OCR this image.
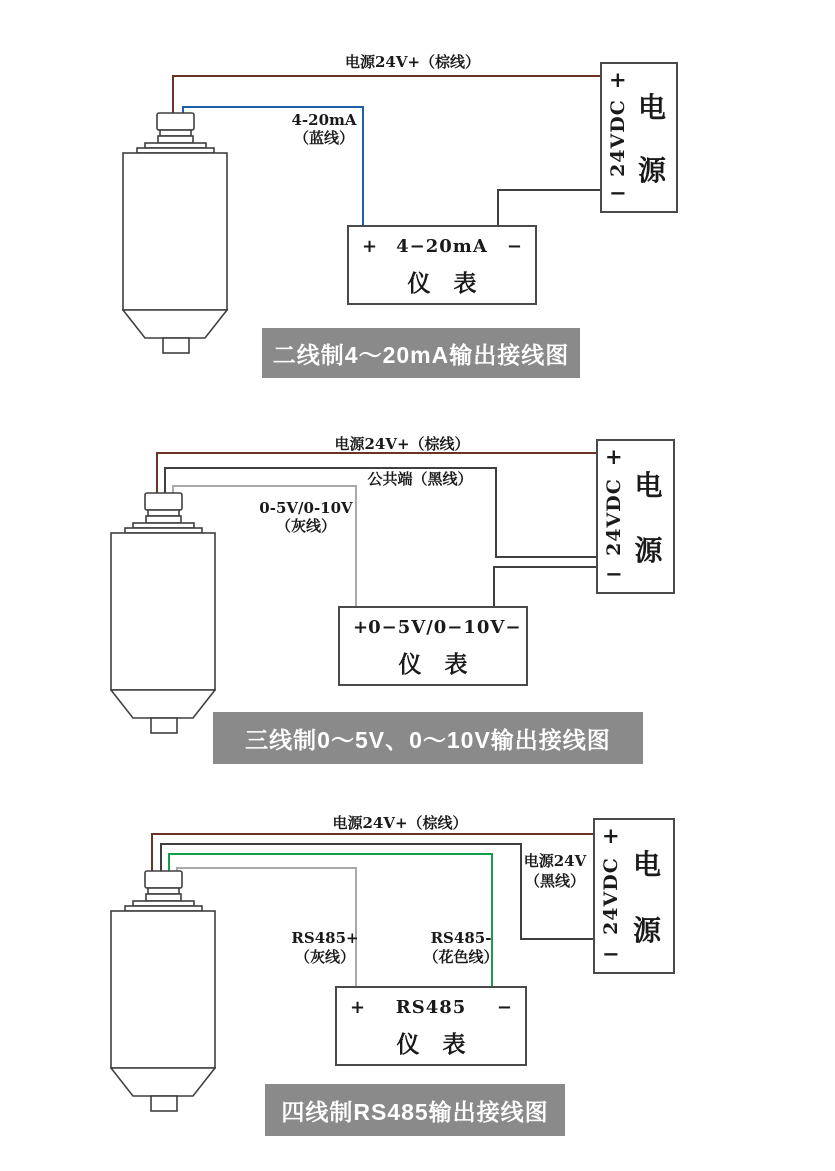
电源24V+（棕线）
4-20mA
（蓝线）
+	4−20mA	−
仪　表
+
−
24VDC 电
源
二线制4～20mA输出接线图
电源24V+（棕线）
公共端（黑线）
0-5V/0-10V
（灰线）
+ 0−5V/0−10V −
仪　表
+
−
24VDC 电
源
三线制0～5V、0～10V输出接线图
电源24V+（棕线）
电源24V
（黑线）
RS485+
（灰线）
RS485-
（花色线）
+	RS485	−
仪　表
+
−
24VDC 电
源
四线制RS485输出接线图
